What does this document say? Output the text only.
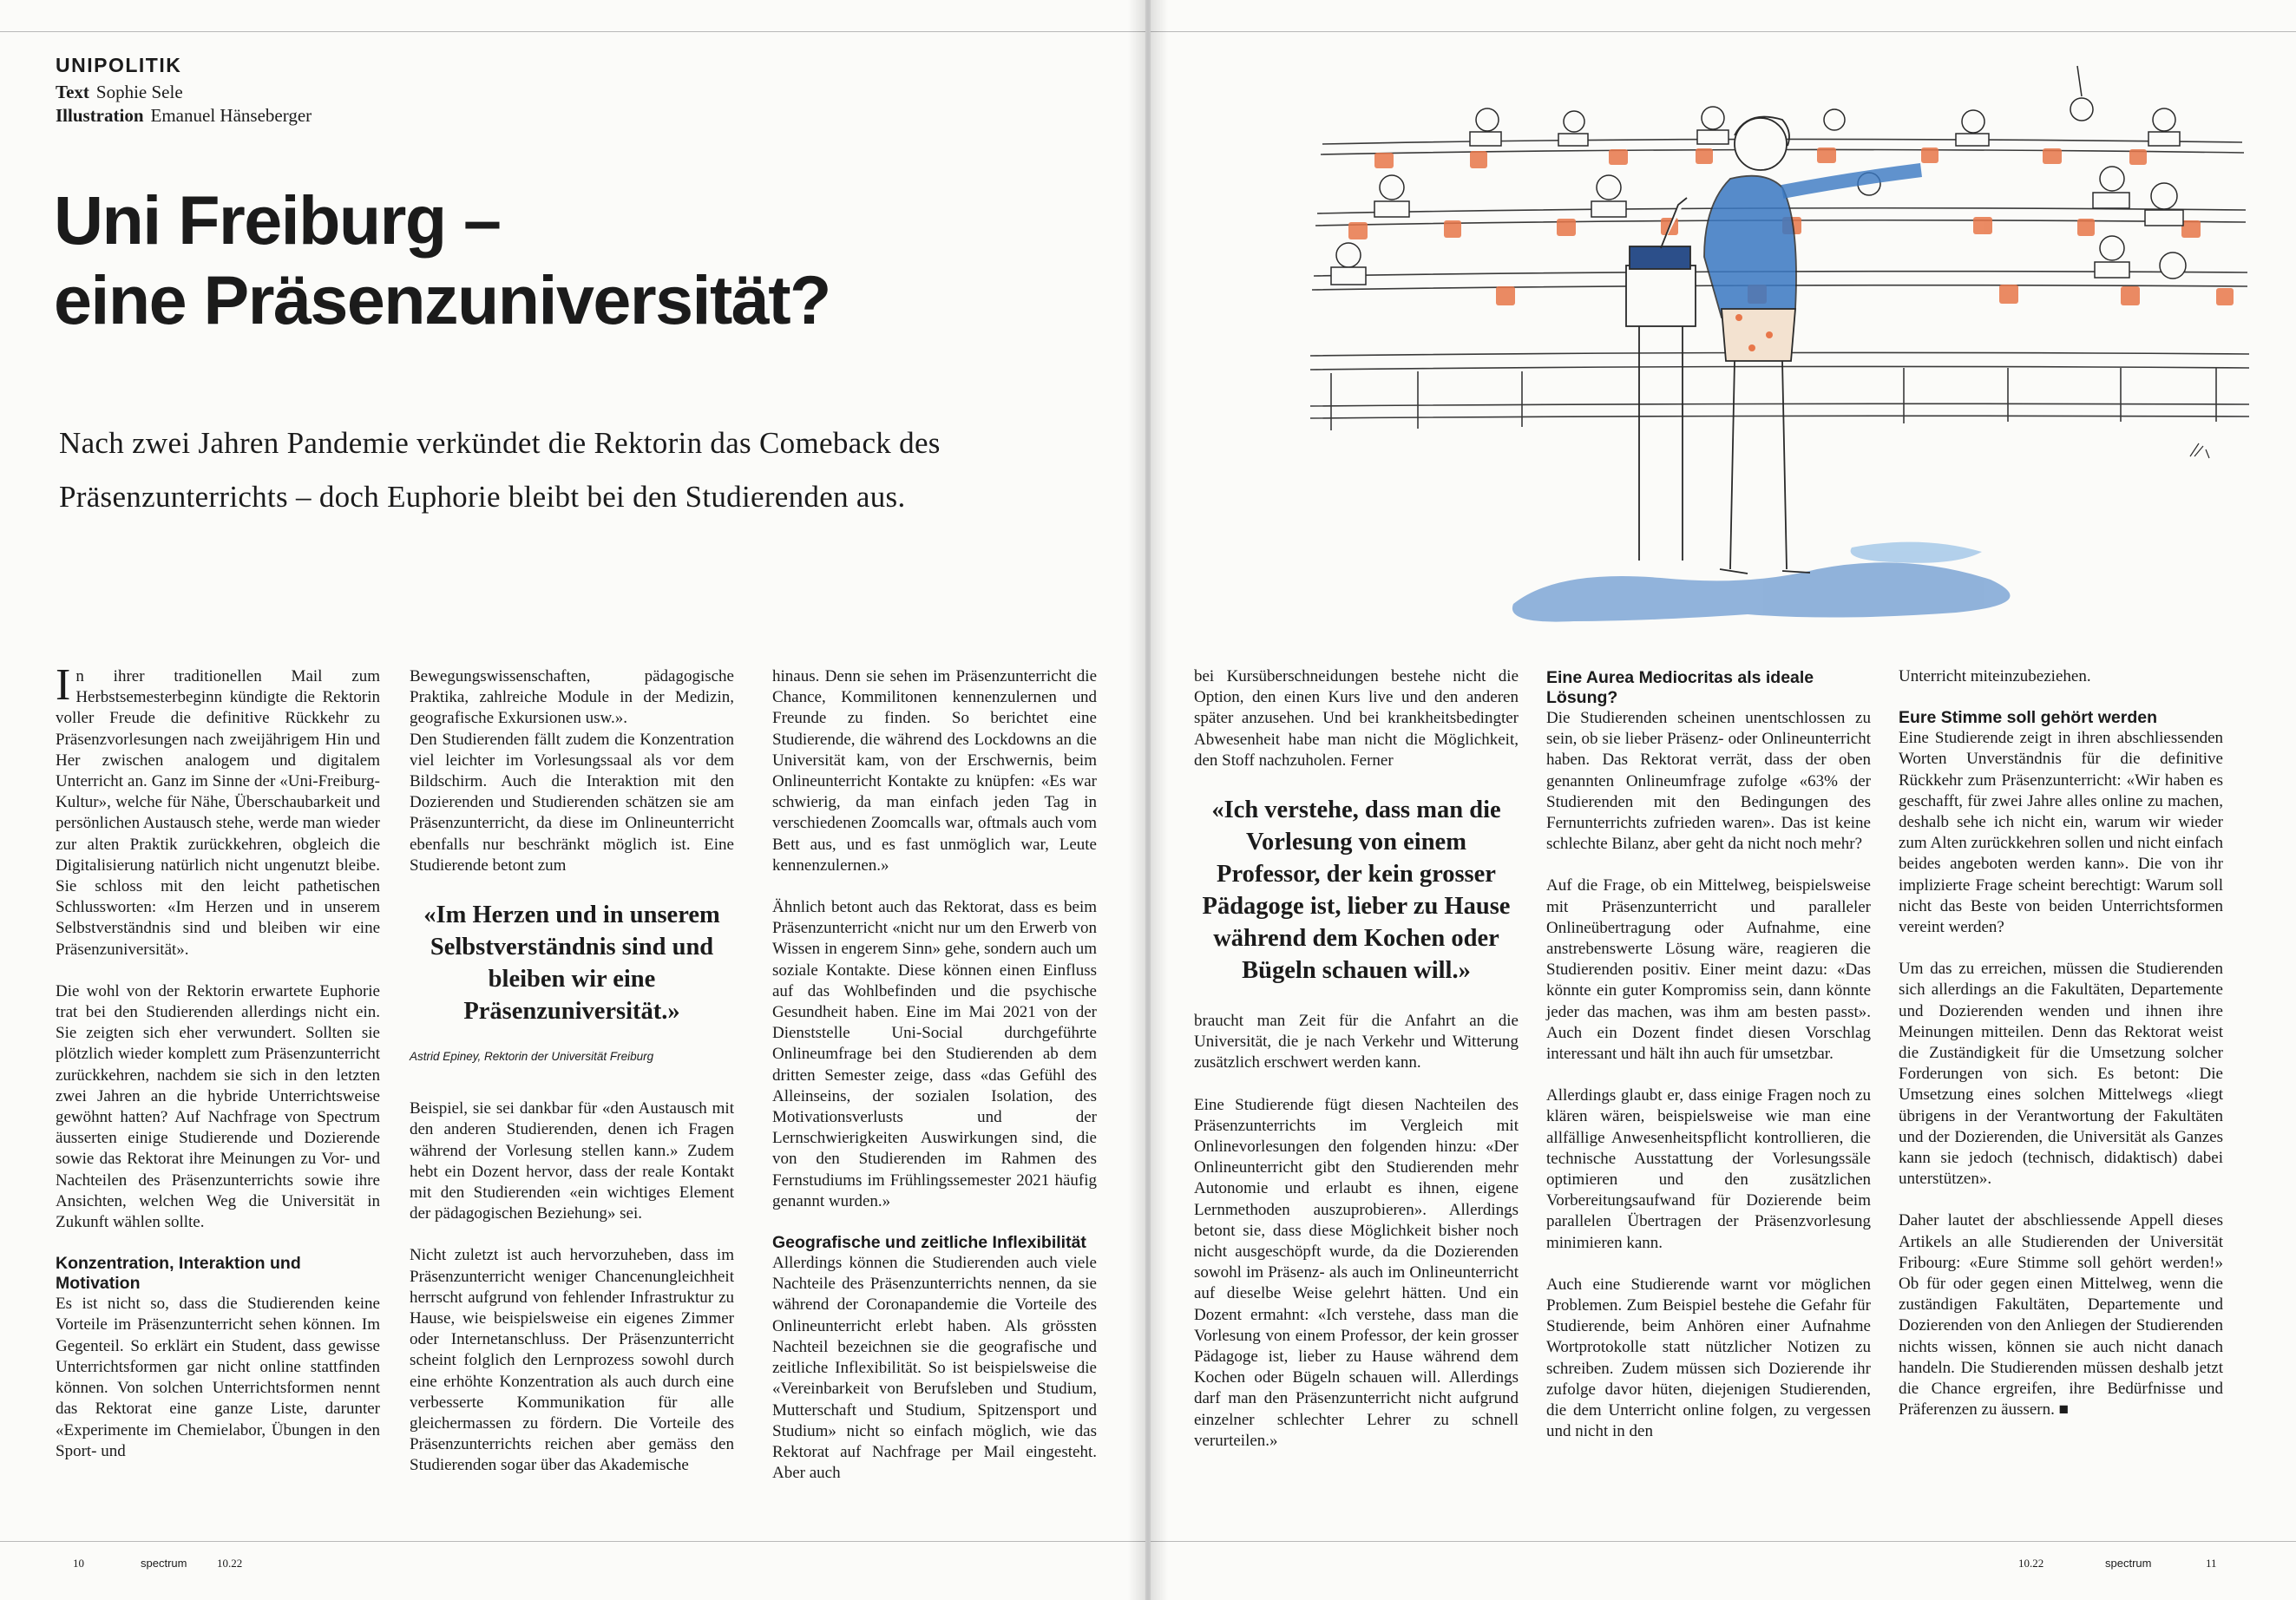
UNIPOLITIK
Text Sophie Sele
Illustration Emanuel Hänseberger
Uni Freiburg –
eine Präsenzuniversität?

Nach zwei Jahren Pandemie verkündet die Rektorin das Comeback des
Präsenzunterrichts – doch Euphorie bleibt bei den Studierenden aus.

In ihrer traditionellen Mail zum Herbstsemesterbeginn kündigte die Rektorin voller Freude die definitive Rückkehr zu Präsenzvorlesungen nach zweijährigem Hin und Her zwischen analogem und digitalem Unterricht an. Ganz im Sinne der «Uni-Freiburg-Kultur», welche für Nähe, Überschaubarkeit und persönlichen Austausch stehe, werde man wieder zur alten Praktik zurückkehren, obgleich die Digitalisierung natürlich nicht ungenutzt bleibe. Sie schloss mit den leicht pathetischen Schlussworten: «Im Herzen und in unserem Selbstverständnis sind und bleiben wir eine Präsenzuniversität».

Die wohl von der Rektorin erwartete Euphorie trat bei den Studierenden allerdings nicht ein. Sie zeigten sich eher verwundert. Sollten sie plötzlich wieder komplett zum Präsenzunterricht zurückkehren, nachdem sie sich in den letzten zwei Jahren an die hybride Unterrichtsweise gewöhnt hatten? Auf Nachfrage von Spectrum äusserten einige Studierende und Dozierende sowie das Rektorat ihre Meinungen zu Vor- und Nachteilen des Präsenzunterrichts sowie ihre Ansichten, welchen Weg die Universität in Zukunft wählen sollte.

Konzentration, Interaktion und Motivation

Es ist nicht so, dass die Studierenden keine Vorteile im Präsenzunterricht sehen können. Im Gegenteil. So erklärt ein Student, dass gewisse Unterrichtsformen gar nicht online stattfinden können. Von solchen Unterrichtsformen nennt das Rektorat eine ganze Liste, darunter «Experimente im Chemielabor, Übungen in den Sport- und

Bewegungswissenschaften, pädagogische Praktika, zahlreiche Module in der Medizin, geografische Exkursionen usw.».

Den Studierenden fällt zudem die Konzentration viel leichter im Vorlesungssaal als vor dem Bildschirm. Auch die Interaktion mit den Dozierenden und Studierenden schätzen sie am Präsenzunterricht, da diese im Onlineunterricht ebenfalls nur beschränkt möglich ist. Eine Studierende betont zum

«Im Herzen und in unserem Selbstverständnis sind und bleiben wir eine Präsenzuniversität.»
Astrid Epiney, Rektorin der Universität Freiburg

Beispiel, sie sei dankbar für «den Austausch mit den anderen Studierenden, denen ich Fragen während der Vorlesung stellen kann.» Zudem hebt ein Dozent hervor, dass der reale Kontakt mit den Studierenden «ein wichtiges Element der pädagogischen Beziehung» sei.

Nicht zuletzt ist auch hervorzuheben, dass im Präsenzunterricht weniger Chancenungleichheit herrscht aufgrund von fehlender Infrastruktur zu Hause, wie beispielsweise ein eigenes Zimmer oder Internetanschluss. Der Präsenzunterricht scheint folglich den Lernprozess sowohl durch eine erhöhte Konzentration als auch durch eine verbesserte Kommunikation für alle gleichermassen zu fördern. Die Vorteile des Präsenzunterrichts reichen aber gemäss den Studierenden sogar über das Akademische

hinaus. Denn sie sehen im Präsenzunterricht die Chance, Kommilitonen kennenzulernen und Freunde zu finden. So berichtet eine Studierende, die während des Lockdowns an die Universität kam, von der Erschwernis, beim Onlineunterricht Kontakte zu knüpfen: «Es war schwierig, da man einfach jeden Tag in verschiedenen Zoomcalls war, oftmals auch vom Bett aus, und es fast unmöglich war, Leute kennenzulernen.»

Ähnlich betont auch das Rektorat, dass es beim Präsenzunterricht «nicht nur um den Erwerb von Wissen in engerem Sinn» gehe, sondern auch um soziale Kontakte. Diese können einen Einfluss auf das Wohlbefinden und die psychische Gesundheit haben. Eine im Mai 2021 von der Dienststelle Uni-Social durchgeführte Onlineumfrage bei den Studierenden ab dem dritten Semester zeige, dass «das Gefühl des Alleinseins, der sozialen Isolation, des Motivationsverlusts und der Lernschwierigkeiten Auswirkungen sind, die von den Studierenden im Rahmen des Fernstudiums im Frühlingssemester 2021 häufig genannt wurden.»

Geografische und zeitliche Inflexibilität

Allerdings können die Studierenden auch viele Nachteile des Präsenzunterrichts nennen, da sie während der Coronapandemie die Vorteile des Onlineunterricht erlebt haben. Als grössten Nachteil bezeichnen sie die geografische und zeitliche Inflexibilität. So ist beispielsweise die «Vereinbarkeit von Berufsleben und Studium, Mutterschaft und Studium, Spitzensport und Studium» nicht so einfach möglich, wie das Rektorat auf Nachfrage per Mail eingesteht. Aber auch

10	spectrum	10.22

bei Kursüberschneidungen bestehe nicht die Option, den einen Kurs live und den anderen später anzusehen. Und bei krankheitsbedingter Abwesenheit habe man nicht die Möglichkeit, den Stoff nachzuholen. Ferner

«Ich verstehe, dass man die Vorlesung von einem Professor, der kein grosser Pädagoge ist, lieber zu Hause während dem Kochen oder Bügeln schauen will.»

braucht man Zeit für die Anfahrt an die Universität, die je nach Verkehr und Witterung zusätzlich erschwert werden kann.

Eine Studierende fügt diesen Nachteilen des Präsenzunterrichts im Vergleich mit Onlinevorlesungen den folgenden hinzu: «Der Onlineunterricht gibt den Studierenden mehr Autonomie und erlaubt es ihnen, eigene Lernmethoden auszuprobieren». Allerdings betont sie, dass diese Möglichkeit bisher noch nicht ausgeschöpft wurde, da die Dozierenden sowohl im Präsenz- als auch im Onlineunterricht auf dieselbe Weise gelehrt hätten. Und ein Dozent ermahnt: «Ich verstehe, dass man die Vorlesung von einem Professor, der kein grosser Pädagoge ist, lieber zu Hause während dem Kochen oder Bügeln schauen will. Allerdings darf man den Präsenzunterricht nicht aufgrund einzelner schlechter Lehrer zu schnell verurteilen.»

Eine Aurea Mediocritas als ideale Lösung?

Die Studierenden scheinen unentschlossen zu sein, ob sie lieber Präsenz- oder Onlineunterricht haben. Das Rektorat verrät, dass der oben genannten Onlineumfrage zufolge «63% der Studierenden mit den Bedingungen des Fernunterrichts zufrieden waren». Das ist keine schlechte Bilanz, aber geht da nicht noch mehr?

Auf die Frage, ob ein Mittelweg, beispielsweise mit Präsenzunterricht und paralleler Onlineübertragung oder Aufnahme, eine anstrebenswerte Lösung wäre, reagieren die Studierenden positiv. Einer meint dazu: «Das könnte ein guter Kompromiss sein, dann könnte jeder das machen, was ihm am besten passt». Auch ein Dozent findet diesen Vorschlag interessant und hält ihn auch für umsetzbar.

Allerdings glaubt er, dass einige Fragen noch zu klären wären, beispielsweise wie man eine allfällige Anwesenheitspflicht kontrollieren, die technische Ausstattung der Vorlesungssäle optimieren und den zusätzlichen Vorbereitungsaufwand für Dozierende beim parallelen Übertragen der Präsenzvorlesung minimieren kann.

Auch eine Studierende warnt vor möglichen Problemen. Zum Beispiel bestehe die Gefahr für Studierende, beim Anhören einer Aufnahme Wortprotokolle statt nützlicher Notizen zu schreiben. Zudem müssen sich Dozierende ihr zufolge davor hüten, diejenigen Studierenden, die dem Unterricht online folgen, zu vergessen und nicht in den

Unterricht miteinzubeziehen.

Eure Stimme soll gehört werden

Eine Studierende zeigt in ihren abschliessenden Worten Unverständnis für die definitive Rückkehr zum Präsenzunterricht: «Wir haben es geschafft, für zwei Jahre alles online zu machen, deshalb sehe ich nicht ein, warum wir wieder zum Alten zurückkehren sollen und nicht einfach beides angeboten werden kann». Die von ihr implizierte Frage scheint berechtigt: Warum soll nicht das Beste von beiden Unterrichtsformen vereint werden?

Um das zu erreichen, müssen die Studierenden sich allerdings an die Fakultäten, Departemente und Dozierenden wenden und ihnen ihre Meinungen mitteilen. Denn das Rektorat weist die Zuständigkeit für die Umsetzung solcher Forderungen von sich. Es betont: Die Umsetzung eines solchen Mittelwegs «liegt übrigens in der Verantwortung der Fakultäten und der Dozierenden, die Universität als Ganzes kann sie jedoch (technisch, didaktisch) dabei unterstützen».

Daher lautet der abschliessende Appell dieses Artikels an alle Studierenden der Universität Fribourg: «Eure Stimme soll gehört werden!» Ob für oder gegen einen Mittelweg, wenn die zuständigen Fakultäten, Departemente und Dozierenden von den Anliegen der Studierenden nichts wissen, können sie auch nicht danach handeln. Die Studierenden müssen deshalb jetzt die Chance ergreifen, ihre Bedürfnisse und Präferenzen zu äussern. ■

10.22	spectrum	11
